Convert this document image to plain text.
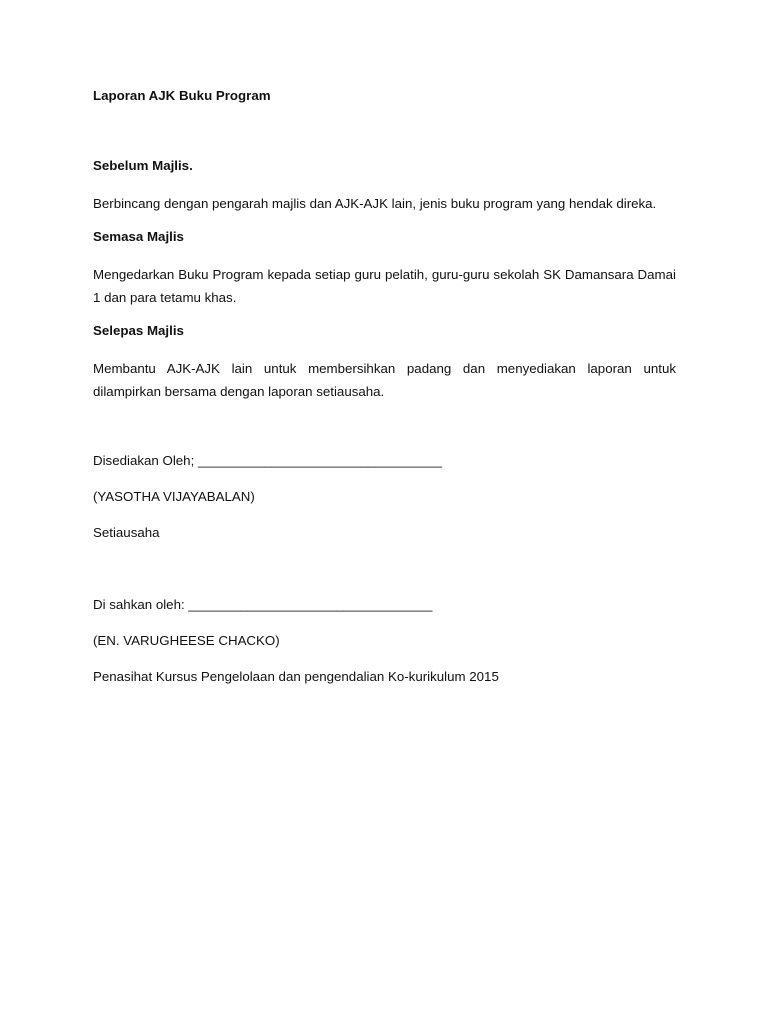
Laporan AJK Buku Program

Sebelum Majlis.

Berbincang dengan pengarah majlis dan AJK-AJK lain, jenis buku program yang hendak direka.

Semasa Majlis

Mengedarkan Buku Program kepada setiap guru pelatih, guru-guru sekolah SK Damansara Damai 1 dan para tetamu khas.

Selepas Majlis

Membantu AJK-AJK lain untuk membersihkan padang dan menyediakan laporan untuk dilampirkan bersama dengan laporan setiausaha.

Disediakan Oleh; _________________________________

(YASOTHA VIJAYABALAN)

Setiausaha

Di sahkan oleh: _________________________________

(EN. VARUGHEESE CHACKO)

Penasihat Kursus Pengelolaan dan pengendalian Ko-kurikulum 2015
